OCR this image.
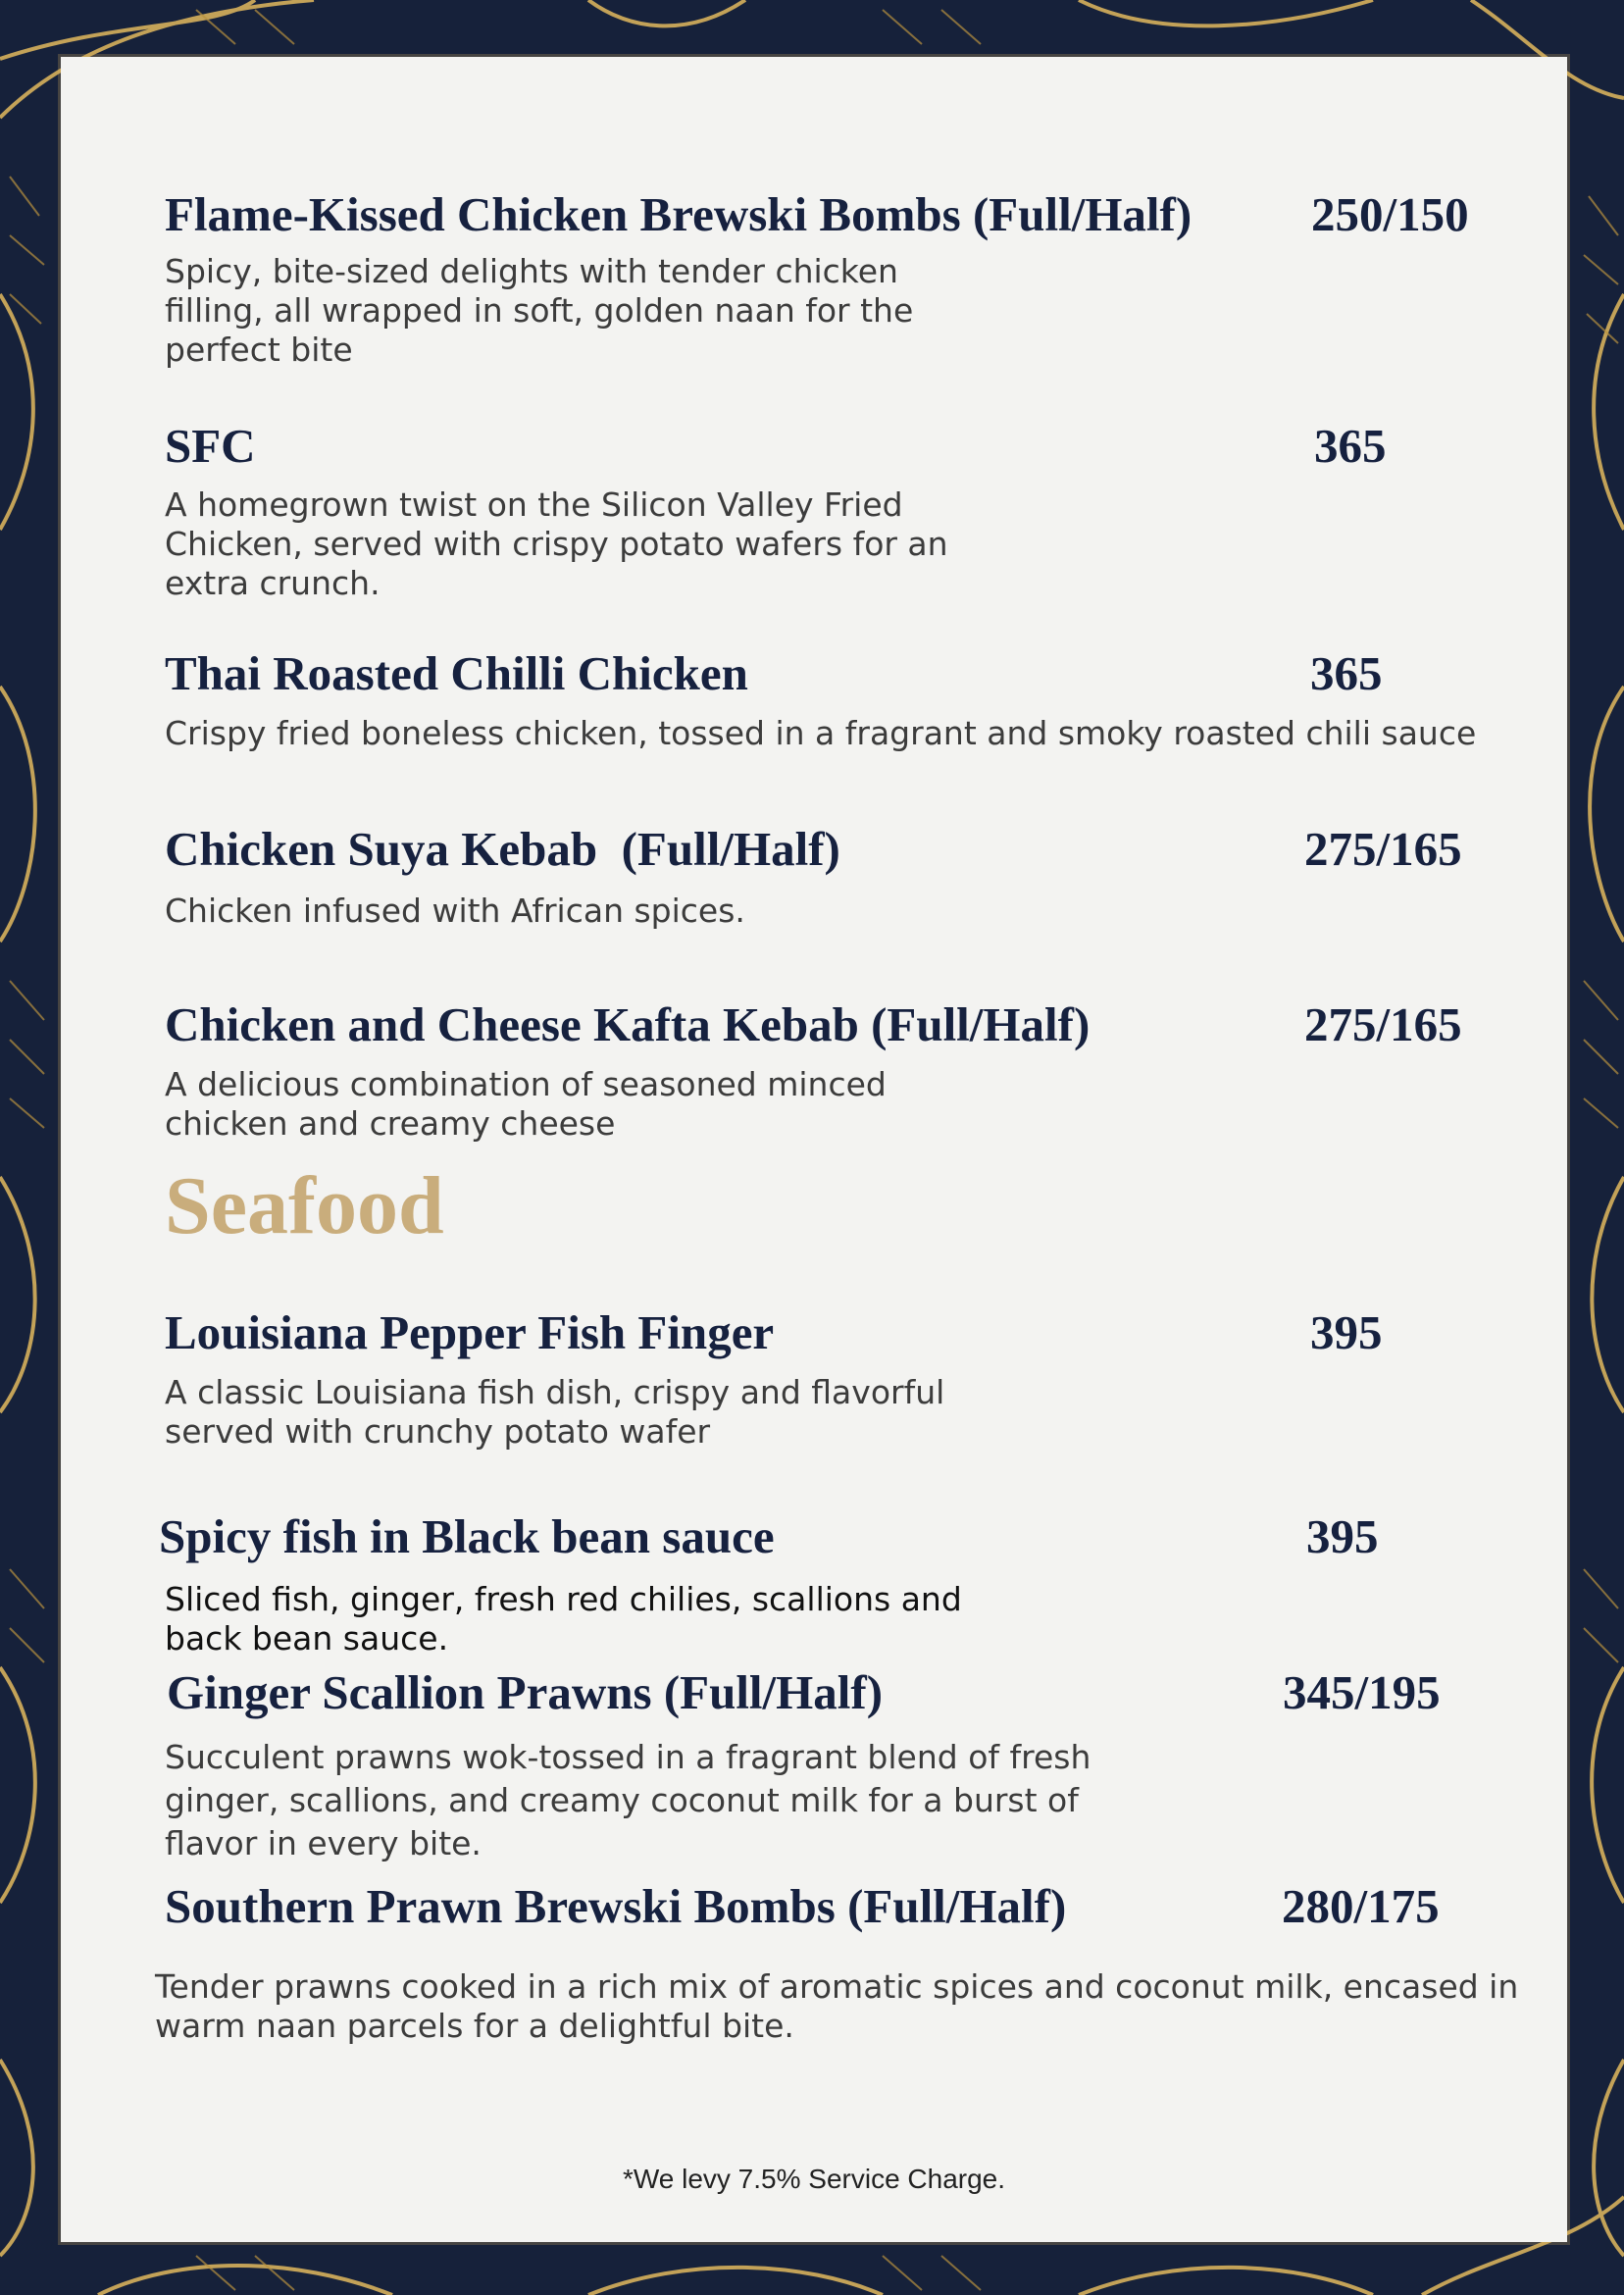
Flame-Kissed Chicken Brewski Bombs (Full/Half) 250/150
Spicy, bite-sized delights with tender chicken filling, all wrapped in soft, golden naan for the perfect bite
SFC	365
A homegrown twist on the Silicon Valley Fried Chicken, served with crispy potato wafers for an extra crunch.
Thai Roasted Chilli Chicken	365
Crispy fried boneless chicken, tossed in a fragrant and smoky roasted chili sauce
Chicken Suya Kebab  (Full/Half)	275/165
Chicken infused with African spices.
Chicken and Cheese Kafta Kebab (Full/Half)	275/165
A delicious combination of seasoned minced chicken and creamy cheese
Seafood
Louisiana Pepper Fish Finger	395
A classic Louisiana fish dish, crispy and flavorful served with crunchy potato wafer
Spicy fish in Black bean sauce	395
Sliced fish, ginger, fresh red chilies, scallions and back bean sauce.
Ginger Scallion Prawns (Full/Half)	345/195
Succulent prawns wok-tossed in a fragrant blend of fresh ginger, scallions, and creamy coconut milk for a burst of flavor in every bite.
Southern Prawn Brewski Bombs (Full/Half)	280/175
Tender prawns cooked in a rich mix of aromatic spices and coconut milk, encased in warm naan parcels for a delightful bite.
*We levy 7.5% Service Charge.
